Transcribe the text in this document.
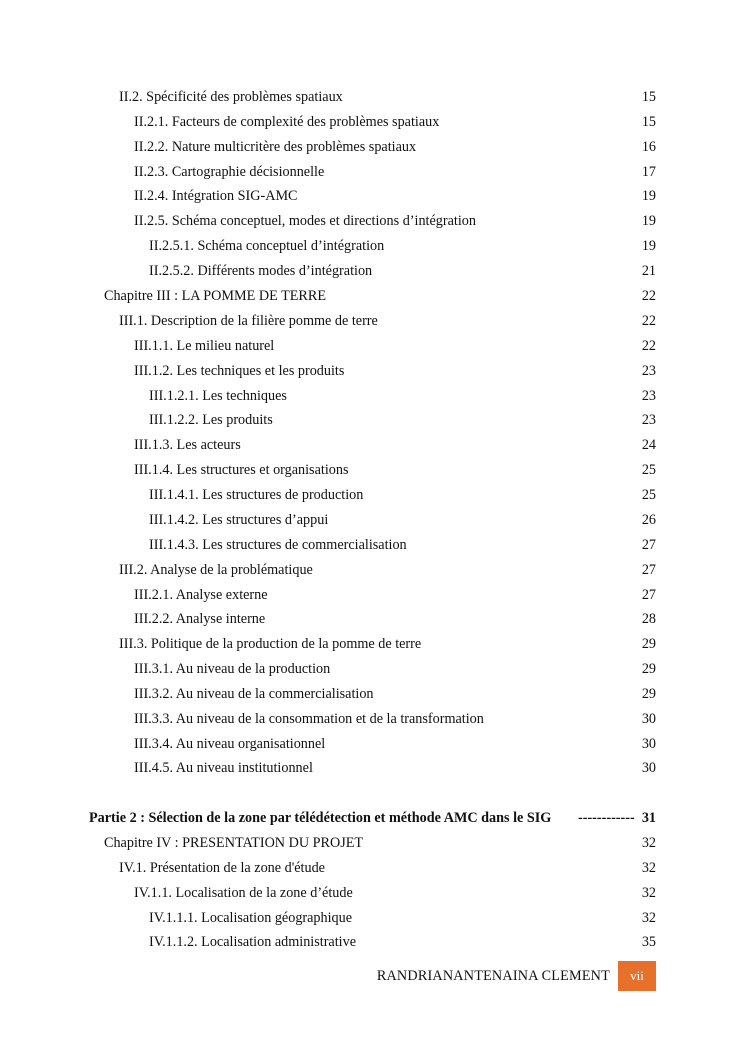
II.2. Spécificité des problèmes spatiaux	15
II.2.1. Facteurs de complexité des problèmes spatiaux	15
II.2.2. Nature multicritère des problèmes spatiaux	16
II.2.3. Cartographie décisionnelle	17
II.2.4. Intégration SIG-AMC	19
II.2.5. Schéma conceptuel, modes et directions d’intégration	19
II.2.5.1. Schéma conceptuel d’intégration	19
II.2.5.2. Différents modes d’intégration	21
Chapitre III : LA POMME DE TERRE	22
III.1. Description de la filière pomme de terre	22
III.1.1. Le milieu naturel	22
III.1.2. Les techniques et les produits	23
III.1.2.1. Les techniques	23
III.1.2.2. Les produits	23
III.1.3. Les acteurs	24
III.1.4. Les structures et organisations	25
III.1.4.1. Les structures de production	25
III.1.4.2. Les structures d’appui	26
III.1.4.3. Les structures de commercialisation	27
III.2. Analyse de la problématique	27
III.2.1. Analyse externe	27
III.2.2. Analyse interne	28
III.3. Politique de la production de la pomme de terre	29
III.3.1. Au niveau de la production	29
III.3.2. Au niveau de la commercialisation	29
III.3.3. Au niveau de la consommation et de la transformation	30
III.3.4. Au niveau organisationnel	30
III.4.5. Au niveau institutionnel	30
Partie 2 : Sélection de la zone par télédétection et méthode AMC dans le SIG ------------ 31
Chapitre IV : PRESENTATION DU PROJET	32
IV.1. Présentation de la zone d'étude	32
IV.1.1. Localisation de la zone d’étude	32
IV.1.1.1. Localisation géographique	32
IV.1.1.2. Localisation administrative	35
RANDRIANANTENAINA CLEMENT	vii
